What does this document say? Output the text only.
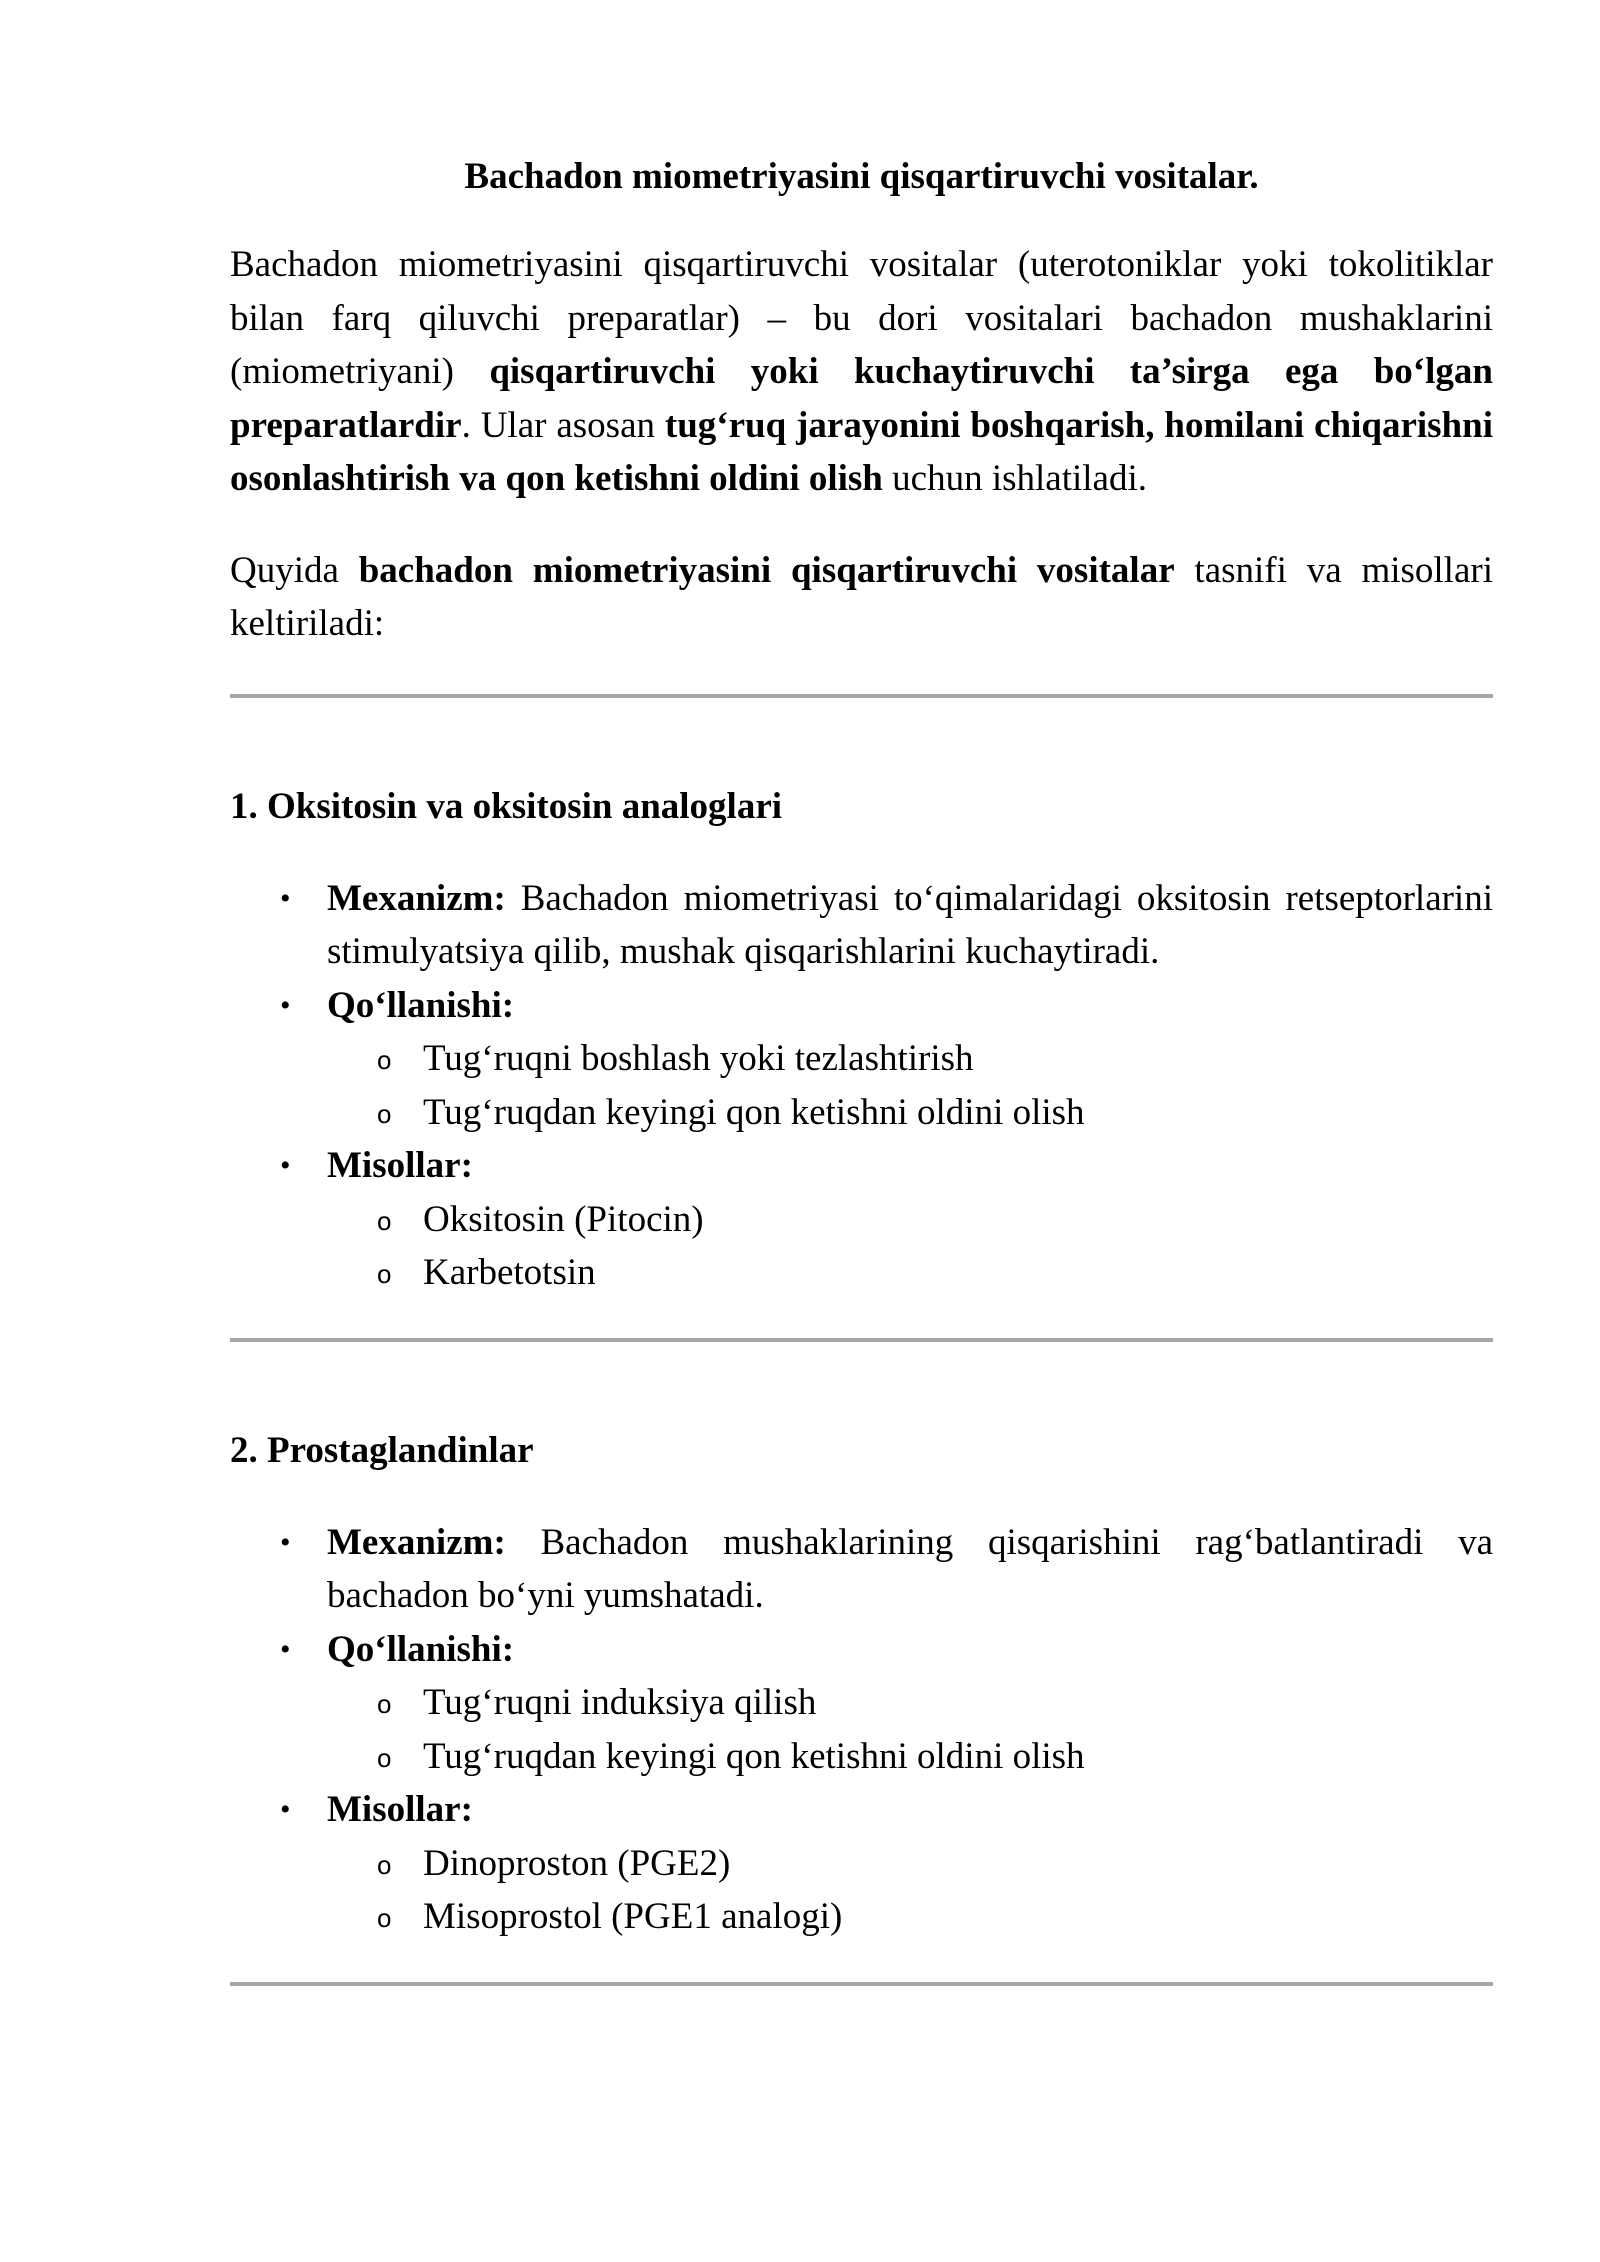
Bachadon miometriyasini qisqartiruvchi vositalar.

Bachadon miometriyasini qisqartiruvchi vositalar (uterotoniklar yoki tokolitiklar bilan farq qiluvchi preparatlar) – bu dori vositalari bachadon mushaklarini (miometriyani) qisqartiruvchi yoki kuchaytiruvchi ta’sirga ega bo‘lgan preparatlardir. Ular asosan tug‘ruq jarayonini boshqarish, homilani chiqarishni osonlashtirish va qon ketishni oldini olish uchun ishlatiladi.

Quyida bachadon miometriyasini qisqartiruvchi vositalar tasnifi va misollari keltiriladi:

1. Oksitosin va oksitosin analoglari
• Mexanizm: Bachadon miometriyasi to‘qimalaridagi oksitosin retseptorlarini stimulyatsiya qilib, mushak qisqarishlarini kuchaytiradi.
• Qo‘llanishi:
o Tug‘ruqni boshlash yoki tezlashtirish
o Tug‘ruqdan keyingi qon ketishni oldini olish
• Misollar:
o Oksitosin (Pitocin)
o Karbetotsin
2. Prostaglandinlar
• Mexanizm: Bachadon mushaklarining qisqarishini rag‘batlantiradi va bachadon bo‘yni yumshatadi.
• Qo‘llanishi:
o Tug‘ruqni induksiya qilish
o Tug‘ruqdan keyingi qon ketishni oldini olish
• Misollar:
o Dinoproston (PGE2)
o Misoprostol (PGE1 analogi)
